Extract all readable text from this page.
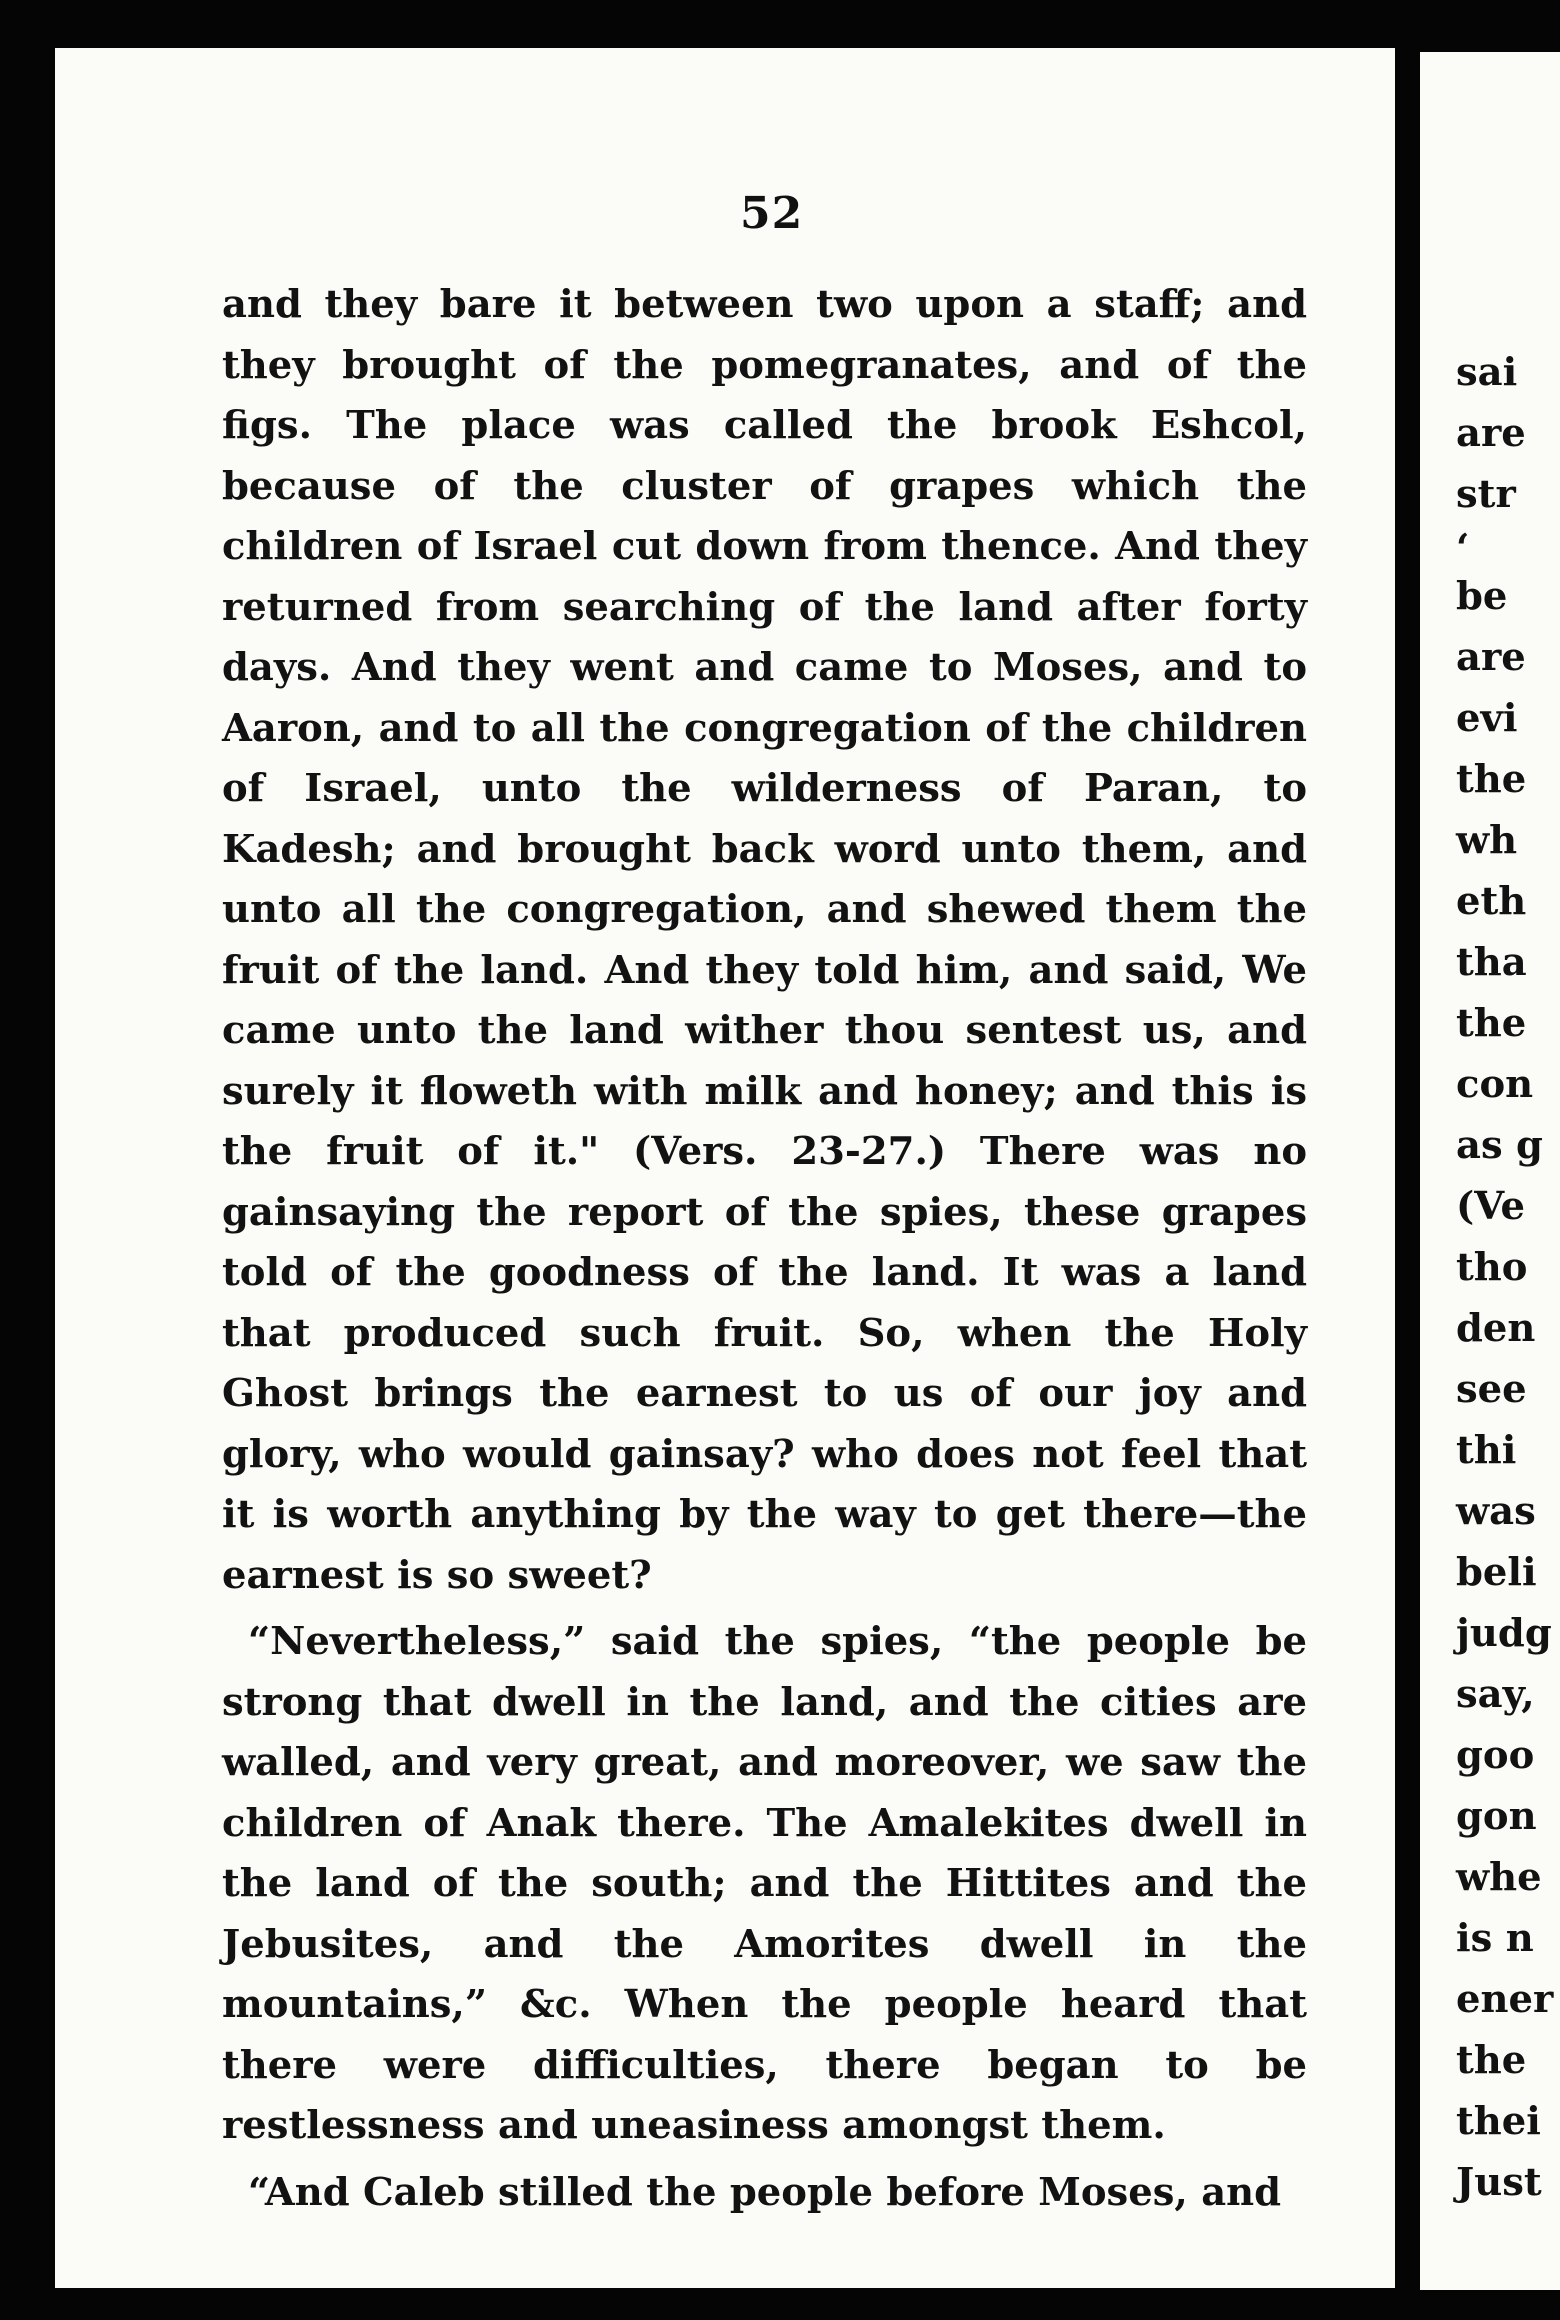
52

and they bare it between two upon a staff; and they brought of the pomegranates, and of the figs. The place was called the brook Eshcol, because of the cluster of grapes which the children of Israel cut down from thence. And they returned from searching of the land after forty days. And they went and came to Moses, and to Aaron, and to all the congregation of the children of Israel, unto the wilderness of Paran, to Kadesh; and brought back word unto them, and unto all the congregation, and shewed them the fruit of the land. And they told him, and said, We came unto the land wither thou sentest us, and surely it floweth with milk and honey; and this is the fruit of it." (Vers. 23-27.) There was no gainsaying the report of the spies, these grapes told of the goodness of the land. It was a land that produced such fruit. So, when the Holy Ghost brings the earnest to us of our joy and glory, who would gainsay? who does not feel that it is worth anything by the way to get there—the earnest is so sweet?

“Nevertheless,” said the spies, “the people be strong that dwell in the land, and the cities are walled, and very great, and moreover, we saw the children of Anak there. The Amalekites dwell in the land of the south; and the Hittites and the Jebusites, and the Amorites dwell in the mountains,” &c. When the people heard that there were difficulties, there began to be restlessness and uneasiness amongst them.

“And Caleb stilled the people before Moses, and

sai
are
str
‘
be
are
evi
the
wh
eth
tha
the
con
as g
(Ve
tho
den
see
thi
was
beli
judg
say,
goo
gon
whe
is n
ener
the
thei
Just
